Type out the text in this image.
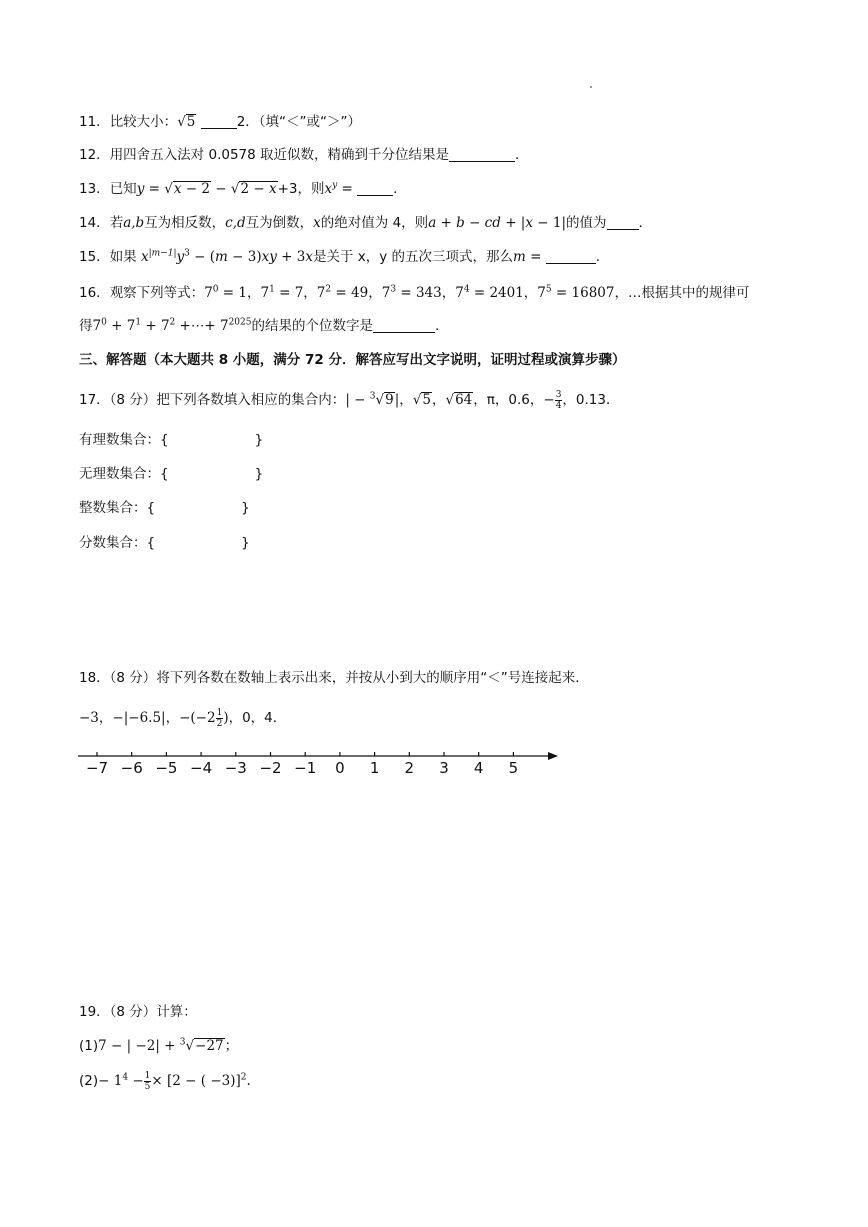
11．比较大小：√5	2．（填“＜”或“＞”）
12．用四舍五入法对 0.0578 取近似数，精确到千分位结果是	.
13．已知y = √x − 2 − √2 − x+3，则$x^y$ =	.
14．若a,b互为相反数，c,d互为倒数，x的绝对值为 4，则a + b − cd + |x − 1|的值为 .
15．如果 $x^{|m-1|}y^3 - (m - 3)xy + 3x$是关于 x，y 的五次三项式，那么m =	.
16．观察下列等式：$7^0 = 1$，$7^1 = 7$，$7^2 = 49$，$7^3 = 343$，$7^4 = 2401$，$7^5 = 16807$，…根据其中的规律可
得$7^0 + 7^1 + 7^2$ +⋯+ $7^{2025}$的结果的个位数字是	.
三、解答题（本大题共 8 小题，满分 72 分．解答应写出文字说明，证明过程或演算步骤）
17．（8 分）把下列各数填入相应的集合内：| − $^3$√9|，√5，√64，π，0.6，− $\frac{3}{4}$ ，0.13．
有理数集合：{	}
无理数集合：{	}
整数集合：{	}
分数集合：{	}
18．（8 分）将下列各数在数轴上表示出来，并按从小到大的顺序用“＜”号连接起来．
−3，−|−6.5|，$-(-2 \frac{1}{2}$ )，0，4．
−7 −6 −5 −4 −3 −2 −1	0	1	2	3	4	5
19．（8 分）计算：
(1)7 − | −2| + $^3$√−27；
$(2)- 1^4 - \frac{1}{5} \times [2$ − ( −3)]$^2$.
